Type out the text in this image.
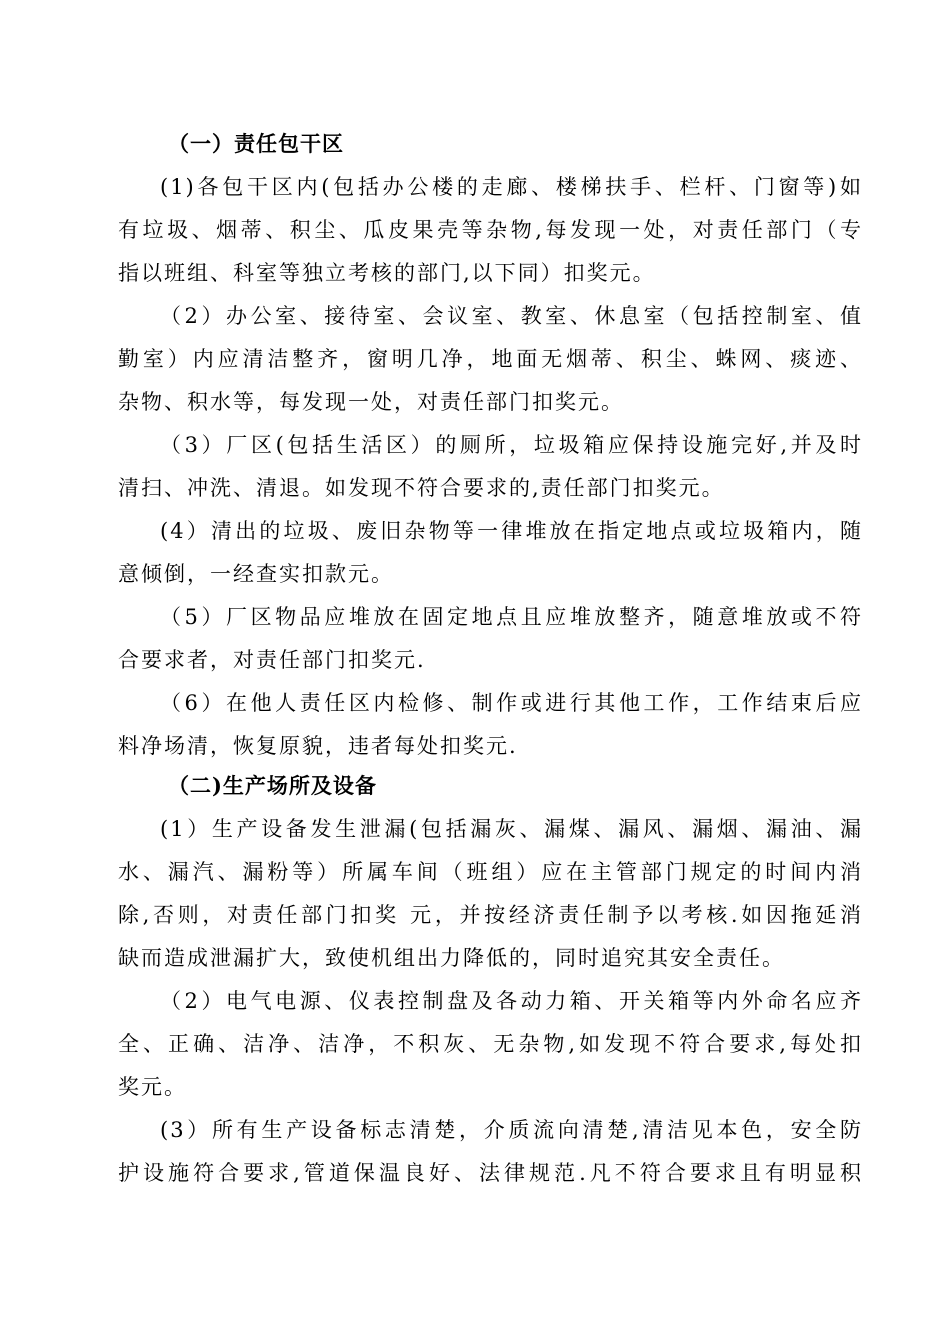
（一）责任包干区
(1)各包干区内(包括办公楼的走廊、楼梯扶手、栏杆、门窗等)如
有垃圾、烟蒂、积尘、瓜皮果壳等杂物,每发现一处，对责任部门（专
指以班组、科室等独立考核的部门,以下同）扣奖元。
（2）办公室、接待室、会议室、教室、休息室（包括控制室、值
勤室）内应清洁整齐，窗明几净，地面无烟蒂、积尘、蛛网、痰迹、
杂物、积水等，每发现一处，对责任部门扣奖元。
（3）厂区(包括生活区）的厕所，垃圾箱应保持设施完好,并及时
清扫、冲洗、清退。如发现不符合要求的,责任部门扣奖元。
(4）清出的垃圾、废旧杂物等一律堆放在指定地点或垃圾箱内，随
意倾倒，一经查实扣款元。
（5）厂区物品应堆放在固定地点且应堆放整齐，随意堆放或不符
合要求者，对责任部门扣奖元.
（6）在他人责任区内检修、制作或进行其他工作，工作结束后应
料净场清，恢复原貌，违者每处扣奖元.
（二)生产场所及设备
(1）生产设备发生泄漏(包括漏灰、漏煤、漏风、漏烟、漏油、漏
水、漏汽、漏粉等）所属车间（班组）应在主管部门规定的时间内消
除,否则，对责任部门扣奖 元，并按经济责任制予以考核.如因拖延消
缺而造成泄漏扩大，致使机组出力降低的，同时追究其安全责任。
（2）电气电源、仪表控制盘及各动力箱、开关箱等内外命名应齐
全、正确、洁净、洁净，不积灰、无杂物,如发现不符合要求,每处扣
奖元。
(3）所有生产设备标志清楚，介质流向清楚,清洁见本色，安全防
护设施符合要求,管道保温良好、法律规范.凡不符合要求且有明显积
